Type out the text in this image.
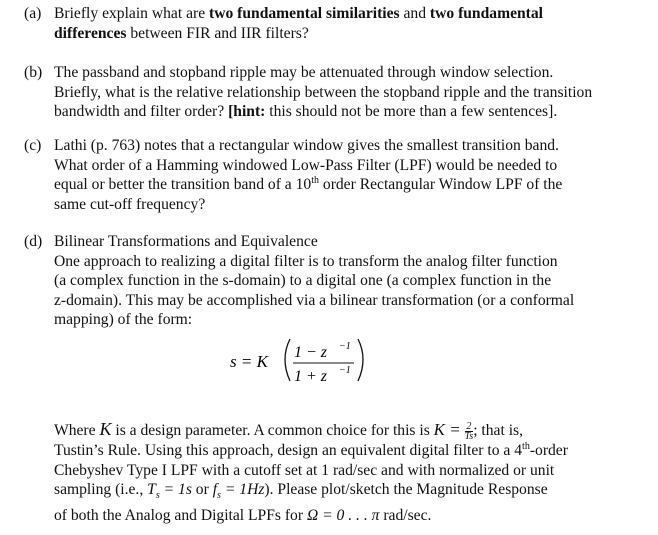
(a) Briefly explain what are two fundamental similarities and two fundamental
differences between FIR and IIR filters?
(b) The passband and stopband ripple may be attenuated through window selection.
Briefly, what is the relative relationship between the stopband ripple and the transition
bandwidth and filter order? [hint: this should not be more than a few sentences].
(c) Lathi (p. 763) notes that a rectangular window gives the smallest transition band.
What order of a Hamming windowed Low-Pass Filter (LPF) would be needed to
equal or better the transition band of a 10th order Rectangular Window LPF of the
same cut-off frequency?
(d) Bilinear Transformations and Equivalence
One approach to realizing a digital filter is to transform the analog filter function
(a complex function in the s-domain) to a digital one (a complex function in the
z-domain). This may be accomplished via a bilinear transformation (or a conformal
mapping) of the form:
s = K 1 − z −1
1 + z −1
Where K is a design parameter. A common choice for this is $K = \frac{2}{Ts}$ ; that is,
Tustin’s Rule. Using this approach, design an equivalent digital filter to a 4th-order
Chebyshev Type I LPF with a cutoff set at 1 rad/sec and with normalized or unit
sampling (i.e., $T_s = 1s$ or $f_s = 1Hz$). Please plot/sketch the Magnitude Response
of both the Analog and Digital LPFs for Ω = 0 . . . π rad/sec.
